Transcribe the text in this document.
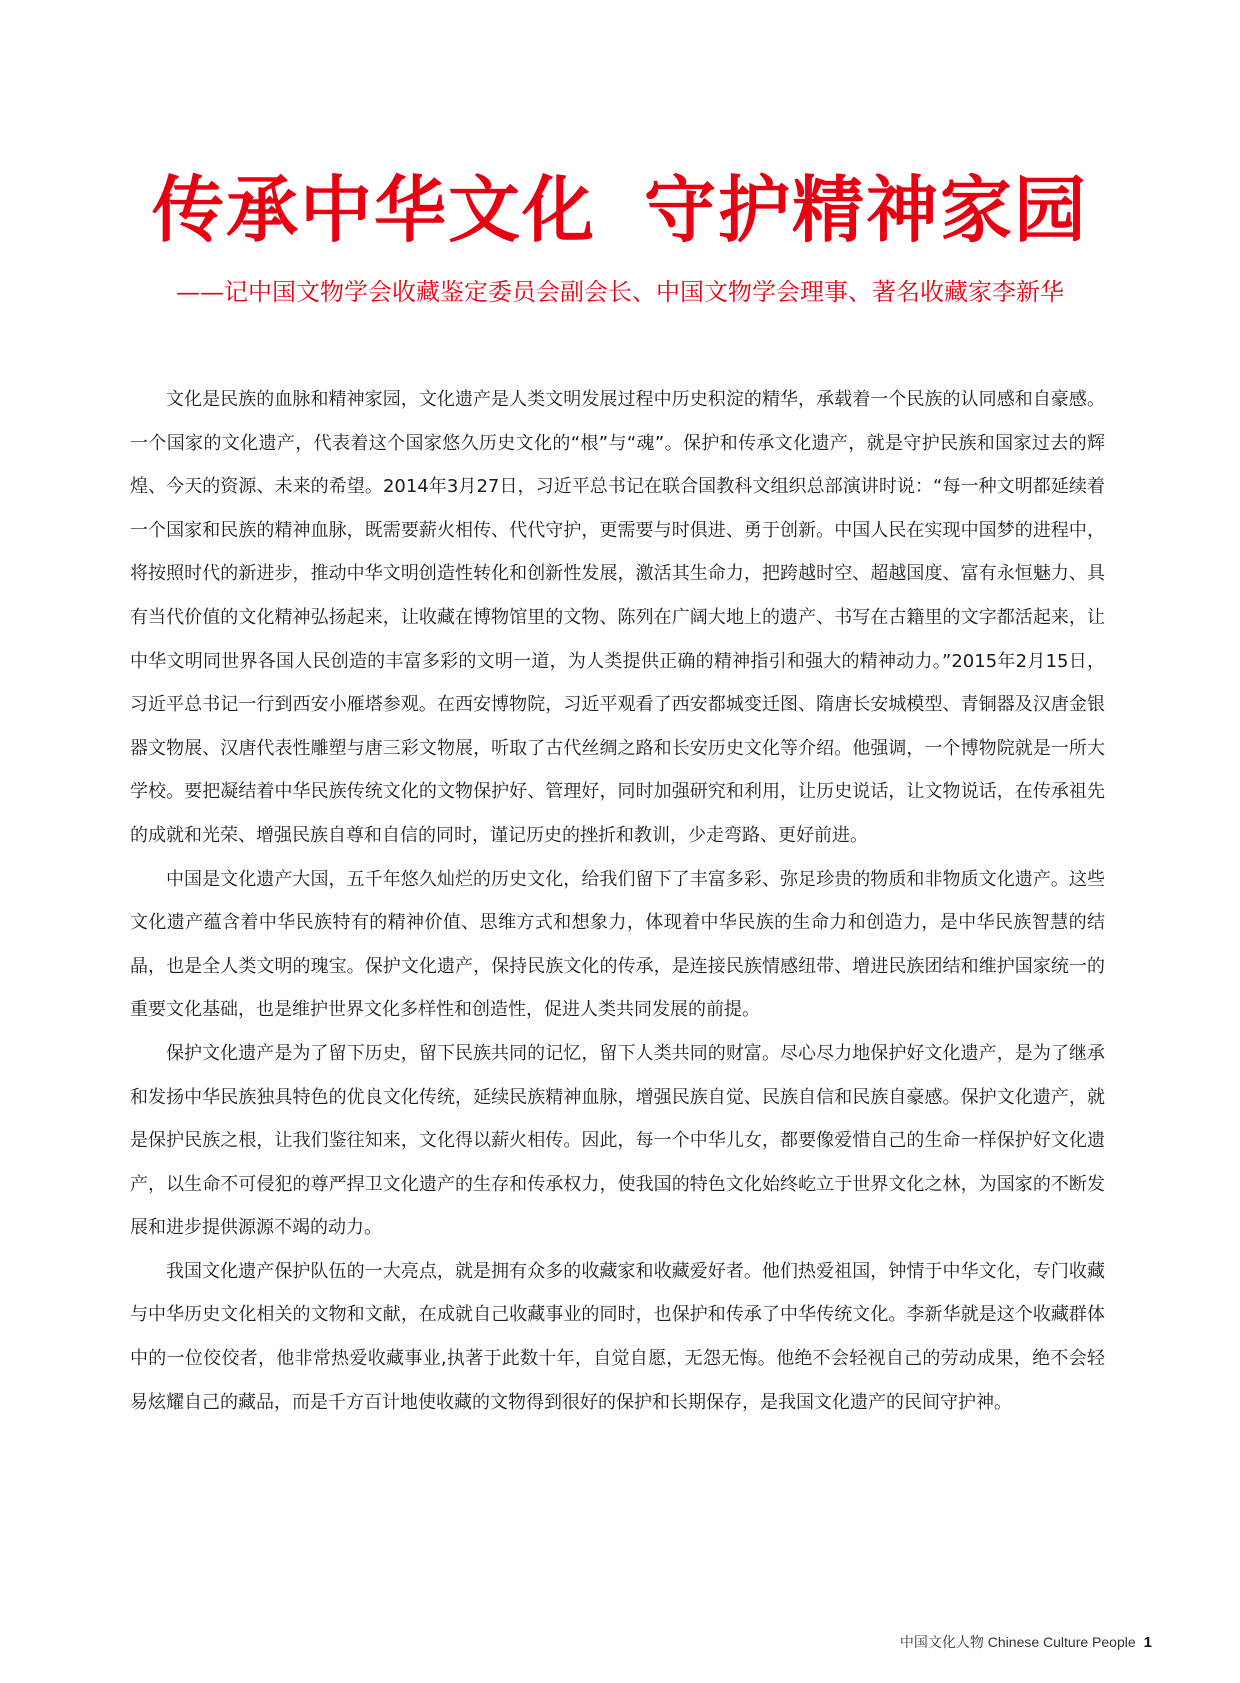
传承中华文化 守护精神家园
——记中国文物学会收藏鉴定委员会副会长、中国文物学会理事、著名收藏家李新华

文化是民族的血脉和精神家园，文化遗产是人类文明发展过程中历史积淀的精华，承载着一个民族的认同感和自豪感。一个国家的文化遗产，代表着这个国家悠久历史文化的“根”与“魂”。保护和传承文化遗产，就是守护民族和国家过去的辉煌、今天的资源、未来的希望。2014年3月27日，习近平总书记在联合国教科文组织总部演讲时说：“每一种文明都延续着一个国家和民族的精神血脉，既需要薪火相传、代代守护，更需要与时俱进、勇于创新。中国人民在实现中国梦的进程中，将按照时代的新进步，推动中华文明创造性转化和创新性发展，激活其生命力，把跨越时空、超越国度、富有永恒魅力、具有当代价值的文化精神弘扬起来，让收藏在博物馆里的文物、陈列在广阔大地上的遗产、书写在古籍里的文字都活起来，让中华文明同世界各国人民创造的丰富多彩的文明一道，为人类提供正确的精神指引和强大的精神动力。”2015年2月15日，习近平总书记一行到西安小雁塔参观。在西安博物院，习近平观看了西安都城变迁图、隋唐长安城模型、青铜器及汉唐金银器文物展、汉唐代表性雕塑与唐三彩文物展，听取了古代丝绸之路和长安历史文化等介绍。他强调，一个博物院就是一所大学校。要把凝结着中华民族传统文化的文物保护好、管理好，同时加强研究和利用，让历史说话，让文物说话，在传承祖先的成就和光荣、增强民族自尊和自信的同时，谨记历史的挫折和教训，少走弯路、更好前进。

中国是文化遗产大国，五千年悠久灿烂的历史文化，给我们留下了丰富多彩、弥足珍贵的物质和非物质文化遗产。这些文化遗产蕴含着中华民族特有的精神价值、思维方式和想象力，体现着中华民族的生命力和创造力，是中华民族智慧的结晶，也是全人类文明的瑰宝。保护文化遗产，保持民族文化的传承，是连接民族情感纽带、增进民族团结和维护国家统一的重要文化基础，也是维护世界文化多样性和创造性，促进人类共同发展的前提。

保护文化遗产是为了留下历史，留下民族共同的记忆，留下人类共同的财富。尽心尽力地保护好文化遗产，是为了继承和发扬中华民族独具特色的优良文化传统，延续民族精神血脉，增强民族自觉、民族自信和民族自豪感。保护文化遗产，就是保护民族之根，让我们鉴往知来，文化得以薪火相传。因此，每一个中华儿女，都要像爱惜自己的生命一样保护好文化遗产，以生命不可侵犯的尊严捍卫文化遗产的生存和传承权力，使我国的特色文化始终屹立于世界文化之林，为国家的不断发展和进步提供源源不竭的动力。

我国文化遗产保护队伍的一大亮点，就是拥有众多的收藏家和收藏爱好者。他们热爱祖国，钟情于中华文化，专门收藏与中华历史文化相关的文物和文献，在成就自己收藏事业的同时，也保护和传承了中华传统文化。李新华就是这个收藏群体中的一位佼佼者，他非常热爱收藏事业,执著于此数十年，自觉自愿，无怨无悔。他绝不会轻视自己的劳动成果，绝不会轻易炫耀自己的藏品，而是千方百计地使收藏的文物得到很好的保护和长期保存，是我国文化遗产的民间守护神。

中国文化人物 Chinese Culture People 1
